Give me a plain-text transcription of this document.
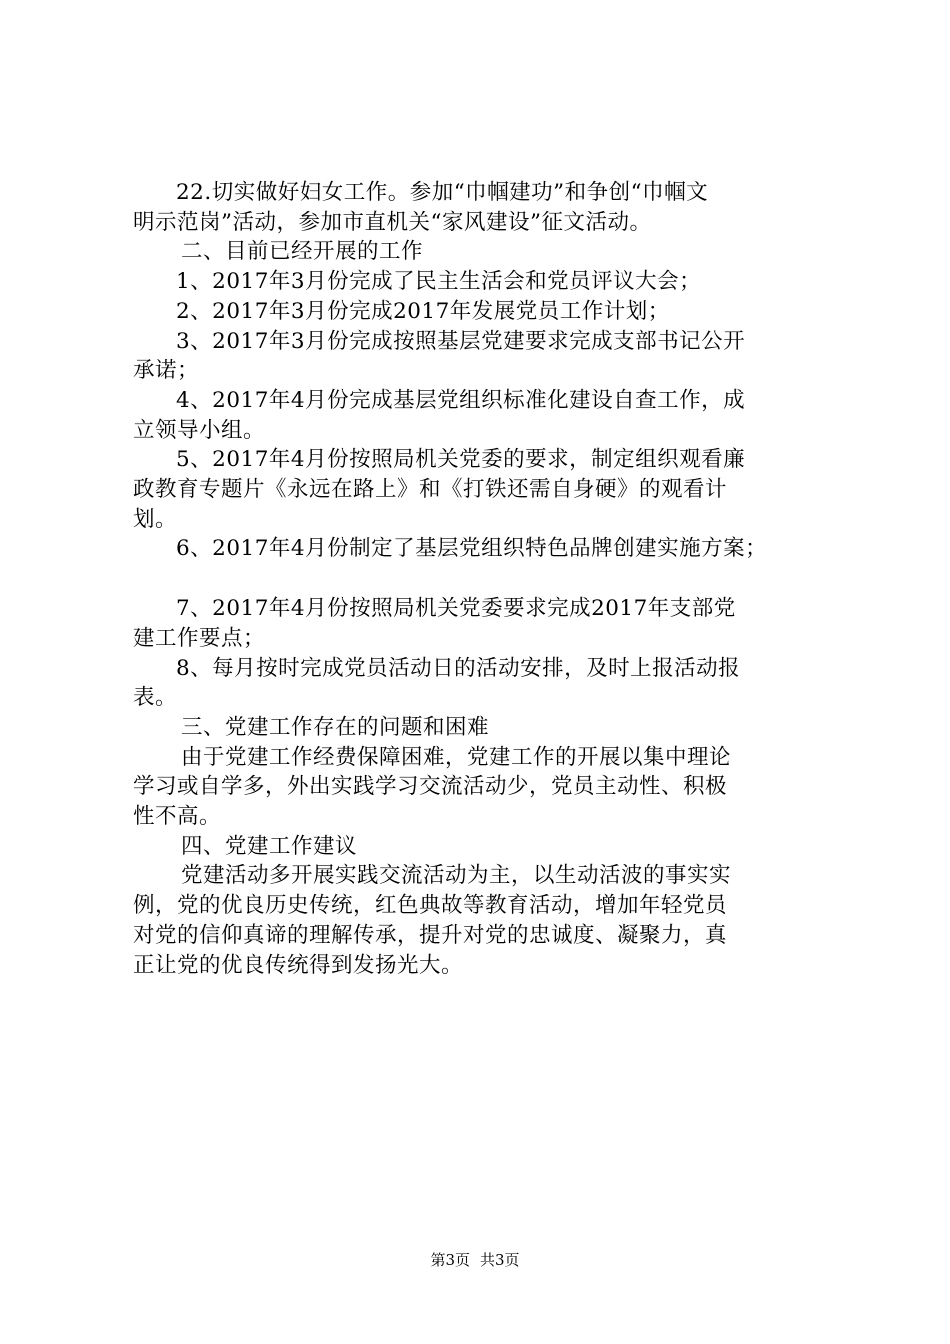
22.切实做好妇女工作。参加“巾帼建功”和争创“巾帼文
明示范岗”活动，参加市直机关“家风建设”征文活动。
二、目前已经开展的工作
1、2017年3月份完成了民主生活会和党员评议大会；
2、2017年3月份完成2017年发展党员工作计划；
3、2017年3月份完成按照基层党建要求完成支部书记公开
承诺；
4、2017年4月份完成基层党组织标准化建设自查工作，成
立领导小组。
5、2017年4月份按照局机关党委的要求，制定组织观看廉
政教育专题片《永远在路上》和《打铁还需自身硬》的观看计
划。
6、2017年4月份制定了基层党组织特色品牌创建实施方案；
7、2017年4月份按照局机关党委要求完成2017年支部党
建工作要点；
8、每月按时完成党员活动日的活动安排，及时上报活动报
表。
三、党建工作存在的问题和困难
由于党建工作经费保障困难，党建工作的开展以集中理论
学习或自学多，外出实践学习交流活动少，党员主动性、积极
性不高。
四、党建工作建议
党建活动多开展实践交流活动为主，以生动活波的事实实
例，党的优良历史传统，红色典故等教育活动，增加年轻党员
对党的信仰真谛的理解传承，提升对党的忠诚度、凝聚力，真
正让党的优良传统得到发扬光大。
第3页 共3页
